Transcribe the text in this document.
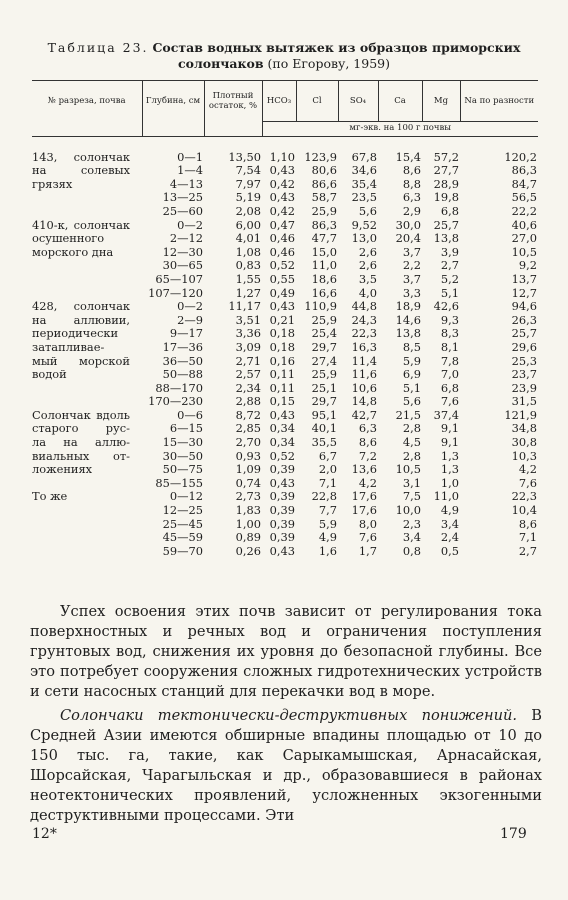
Таблица 23. Состав водных вытяжек из образцов приморских солончаков (по Егорову, 1959)
№ разреза, почва	Глубина, см	Плотный остаток, %	HCO₃	Cl	SO₄	Ca	Mg	Na по разности
			мг-экв. на 100 г почвы					

143, солончак	0—1	13,50	1,10	123,9	67,8	15,4	57,2	120,2
на солевых	1—4	7,54	0,43	80,6	34,6	8,6	27,7	86,3
грязях	4—13	7,97	0,42	86,6	35,4	8,8	28,9	84,7
	13—25	5,19	0,43	58,7	23,5	6,3	19,8	56,5
	25—60	2,08	0,42	25,9	5,6	2,9	6,8	22,2
410-к, солончак	0—2	6,00	0,47	86,3	9,52	30,0	25,7	40,6
осушенного	2—12	4,01	0,46	47,7	13,0	20,4	13,8	27,0
морского дна	12—30	1,08	0,46	15,0	2,6	3,7	3,9	10,5
	30—65	0,83	0,52	11,0	2,6	2,2	2,7	9,2
	65—107	1,55	0,55	18,6	3,5	3,7	5,2	13,7
	107—120	1,27	0,49	16,6	4,0	3,3	5,1	12,7
428, солончак	0—2	11,17	0,43	110,9	44,8	18,9	42,6	94,6
на аллювии,	2—9	3,51	0,21	25,9	24,3	14,6	9,3	26,3
периодически	9—17	3,36	0,18	25,4	22,3	13,8	8,3	25,7
затапливае-	17—36	3,09	0,18	29,7	16,3	8,5	8,1	29,6
мый морской	36—50	2,71	0,16	27,4	11,4	5,9	7,8	25,3
водой	50—88	2,57	0,11	25,9	11,6	6,9	7,0	23,7
	88—170	2,34	0,11	25,1	10,6	5,1	6,8	23,9
	170—230	2,88	0,15	29,7	14,8	5,6	7,6	31,5
Солончак вдоль	0—6	8,72	0,43	95,1	42,7	21,5	37,4	121,9
старого рус-	6—15	2,85	0,34	40,1	6,3	2,8	9,1	34,8
ла на аллю-	15—30	2,70	0,34	35,5	8,6	4,5	9,1	30,8
виальных от-	30—50	0,93	0,52	6,7	7,2	2,8	1,3	10,3
ложениях	50—75	1,09	0,39	2,0	13,6	10,5	1,3	4,2
	85—155	0,74	0,43	7,1	4,2	3,1	1,0	7,6
То же	0—12	2,73	0,39	22,8	17,6	7,5	11,0	22,3
	12—25	1,83	0,39	7,7	17,6	10,0	4,9	10,4
	25—45	1,00	0,39	5,9	8,0	2,3	3,4	8,6
	45—59	0,89	0,39	4,9	7,6	3,4	2,4	7,1
	59—70	0,26	0,43	1,6	1,7	0,8	0,5	2,7
Успех освоения этих почв зависит от регулирования тока поверхностных и речных вод и ограничения поступления грунтовых вод, снижения их уровня до безопасной глубины. Все это потребует сооружения сложных гидротехнических устройств и сети насосных станций для перекачки вод в море.
Солончаки тектонически-деструктивных понижений. В Средней Азии имеются обширные впадины площадью от 10 до 150 тыс. га, такие, как Сарыкамышская, Арнасайская, Шорсайская, Чарагыльская и др., образовавшиеся в районах неотектонических проявлений, усложненных экзогенными деструктивными процессами. Эти
12*	179
